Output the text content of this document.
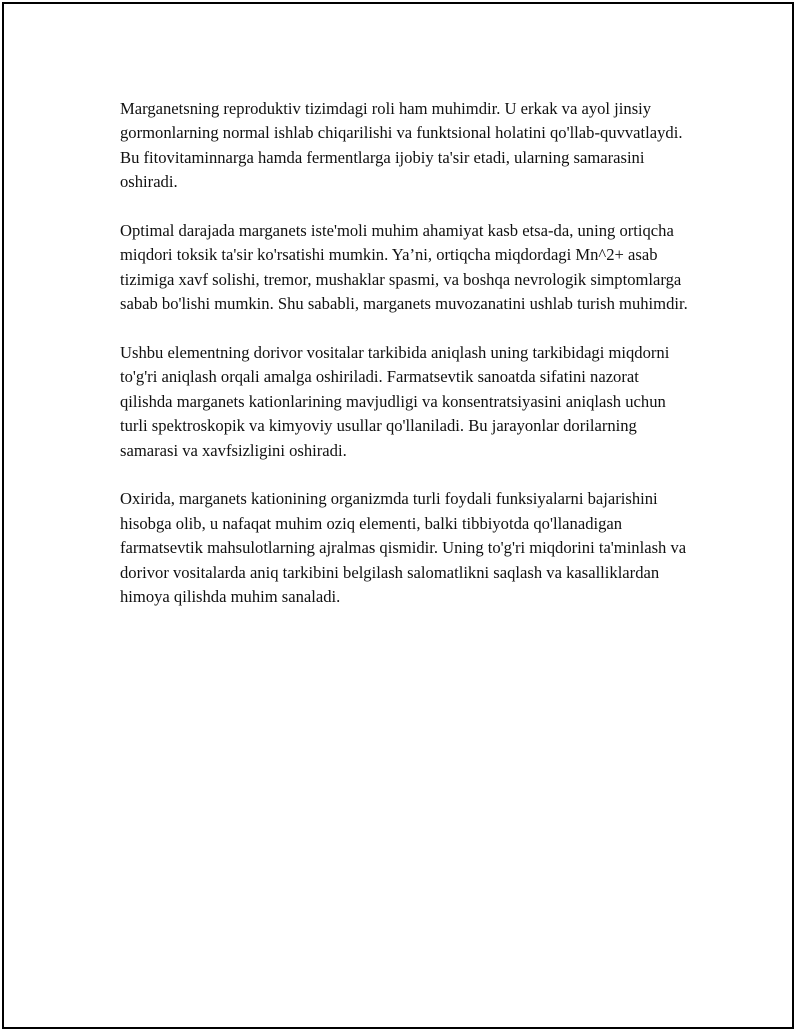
Marganetsning reproduktiv tizimdagi roli ham muhimdir. U erkak va ayol jinsiy gormonlarning normal ishlab chiqarilishi va funktsional holatini qo'llab-quvvatlaydi. Bu fitovitaminnarga hamda fermentlarga ijobiy ta'sir etadi, ularning samarasini oshiradi.

Optimal darajada marganets iste'moli muhim ahamiyat kasb etsa-da, uning ortiqcha miqdori toksik ta'sir ko'rsatishi mumkin. Ya’ni, ortiqcha miqdordagi Mn^2+ asab tizimiga xavf solishi, tremor, mushaklar spasmi, va boshqa nevrologik simptomlarga sabab bo'lishi mumkin. Shu sababli, marganets muvozanatini ushlab turish muhimdir.

Ushbu elementning dorivor vositalar tarkibida aniqlash uning tarkibidagi miqdorni to'g'ri aniqlash orqali amalga oshiriladi. Farmatsevtik sanoatda sifatini nazorat qilishda marganets kationlarining mavjudligi va konsentratsiyasini aniqlash uchun turli spektroskopik va kimyoviy usullar qo'llaniladi. Bu jarayonlar dorilarning samarasi va xavfsizligini oshiradi.

Oxirida, marganets kationining organizmda turli foydali funksiyalarni bajarishini hisobga olib, u nafaqat muhim oziq elementi, balki tibbiyotda qo'llanadigan farmatsevtik mahsulotlarning ajralmas qismidir. Uning to'g'ri miqdorini ta'minlash va dorivor vositalarda aniq tarkibini belgilash salomatlikni saqlash va kasalliklardan himoya qilishda muhim sanaladi.
